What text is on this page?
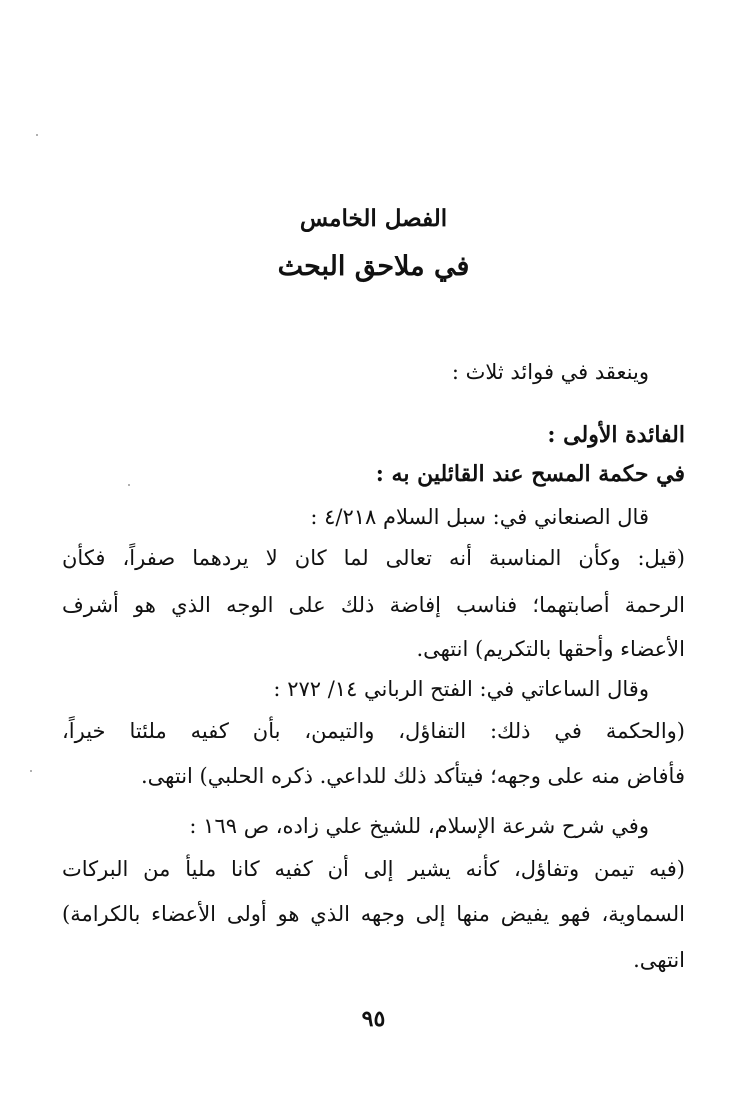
الفصل الخامس
في ملاحق البحث
وينعقد في فوائد ثلاث :
الفائدة الأولى :
في حكمة المسح عند القائلين به :
قال الصنعاني في: سبل السلام ٤/٢١٨ :
(قيل: وكأن المناسبة أنه تعالى لما كان لا يردهما صفراً، فكأن
الرحمة أصابتهما؛ فناسب إفاضة ذلك على الوجه الذي هو أشرف
الأعضاء وأحقها بالتكريم) انتهى.
وقال الساعاتي في: الفتح الرباني ١٤/ ٢٧٢ :
(والحكمة في ذلك: التفاؤل، والتيمن، بأن كفيه ملئتا خيراً،
فأفاض منه على وجهه؛ فيتأكد ذلك للداعي. ذكره الحلبي) انتهى.
وفي شرح شرعة الإسلام، للشيخ علي زاده، ص ١٦٩ :
(فيه تيمن وتفاؤل، كأنه يشير إلى أن كفيه كانا مليأ من البركات
السماوية، فهو يفيض منها إلى وجهه الذي هو أولى الأعضاء بالكرامة)
انتهى.
٩٥
